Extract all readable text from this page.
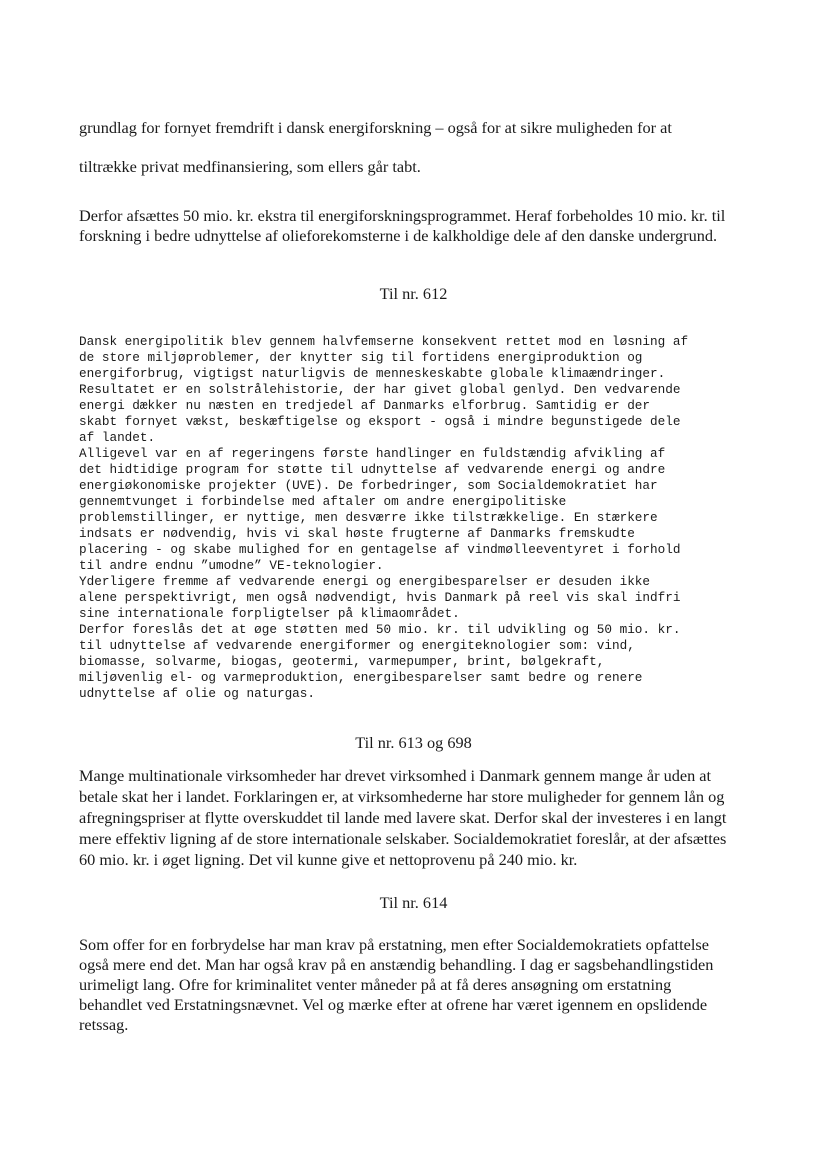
grundlag for fornyet fremdrift i dansk energiforskning – også for at sikre muligheden for at

tiltrække privat medfinansiering, som ellers går tabt.

Derfor afsættes 50 mio. kr. ekstra til energiforskningsprogrammet. Heraf forbeholdes 10 mio. kr. til

forskning i bedre udnyttelse af olieforekomsterne i de kalkholdige dele af den danske undergrund.

Til nr. 612

Dansk energipolitik blev gennem halvfemserne konsekvent rettet mod en løsning af

de store miljøproblemer, der knytter sig til fortidens energiproduktion og

energiforbrug, vigtigst naturligvis de menneskeskabte globale klimaændringer.

Resultatet er en solstrålehistorie, der har givet global genlyd. Den vedvarende

energi dækker nu næsten en tredjedel af Danmarks elforbrug. Samtidig er der

skabt fornyet vækst, beskæftigelse og eksport - også i mindre begunstigede dele

af landet.

Alligevel var en af regeringens første handlinger en fuldstændig afvikling af

det hidtidige program for støtte til udnyttelse af vedvarende energi og andre

energiøkonomiske projekter (UVE). De forbedringer, som Socialdemokratiet har

gennemtvunget i forbindelse med aftaler om andre energipolitiske

problemstillinger, er nyttige, men desværre ikke tilstrækkelige. En stærkere

indsats er nødvendig, hvis vi skal høste frugterne af Danmarks fremskudte

placering - og skabe mulighed for en gentagelse af vindmølleeventyret i forhold

til andre endnu ”umodne” VE-teknologier.

Yderligere fremme af vedvarende energi og energibesparelser er desuden ikke

alene perspektivrigt, men også nødvendigt, hvis Danmark på reel vis skal indfri

sine internationale forpligtelser på klimaområdet.

Derfor foreslås det at øge støtten med 50 mio. kr. til udvikling og 50 mio. kr.

til udnyttelse af vedvarende energiformer og energiteknologier som: vind,

biomasse, solvarme, biogas, geotermi, varmepumper, brint, bølgekraft,

miljøvenlig el- og varmeproduktion, energibesparelser samt bedre og renere

udnyttelse af olie og naturgas.

Til nr. 613 og 698

Mange multinationale virksomheder har drevet virksomhed i Danmark gennem mange år uden at

betale skat her i landet. Forklaringen er, at virksomhederne har store muligheder for gennem lån og

afregningspriser at flytte overskuddet til lande med lavere skat. Derfor skal der investeres i en langt

mere effektiv ligning af de store internationale selskaber. Socialdemokratiet foreslår, at der afsættes

60 mio. kr. i øget ligning. Det vil kunne give et nettoprovenu på 240 mio. kr.

Til nr. 614

Som offer for en forbrydelse har man krav på erstatning, men efter Socialdemokratiets opfattelse

også mere end det. Man har også krav på en anstændig behandling. I dag er sagsbehandlingstiden

urimeligt lang. Ofre for kriminalitet venter måneder på at få deres ansøgning om erstatning

behandlet ved Erstatningsnævnet. Vel og mærke efter at ofrene har været igennem en opslidende

retssag.
